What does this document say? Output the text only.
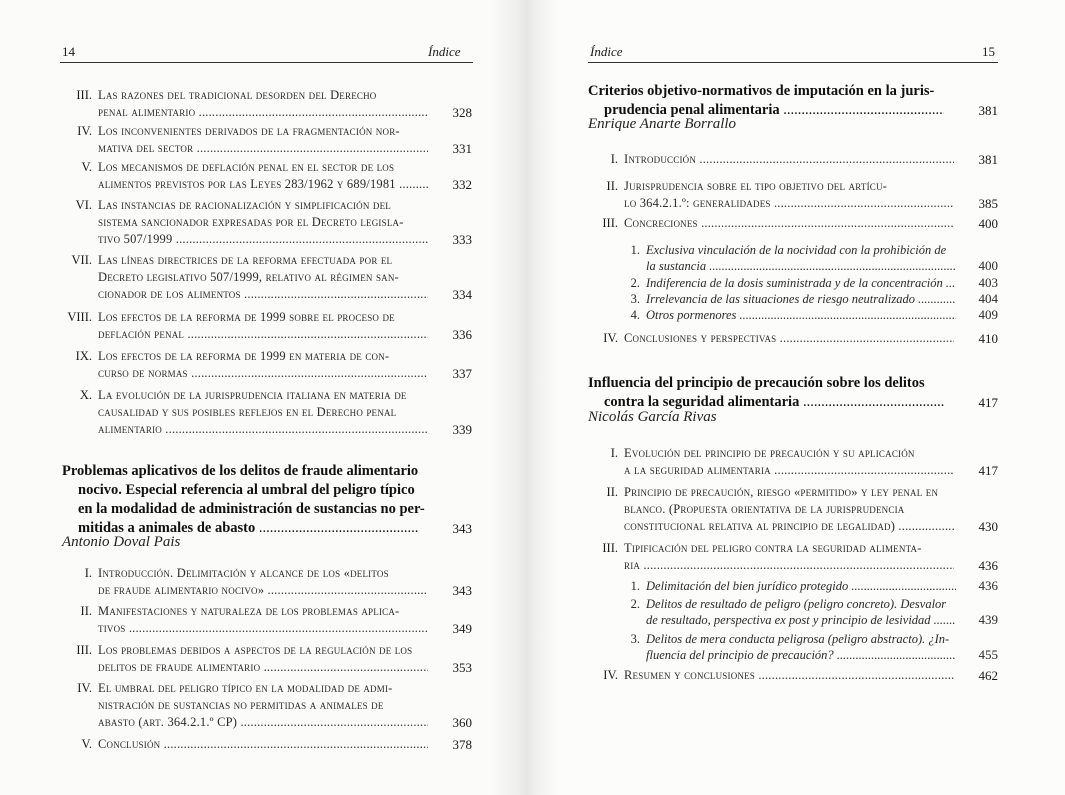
14	Índice
III. Las razones del tradicional desorden del Derecho
penal alimentario .....	328
IV. Los inconvenientes derivados de la fragmentación nor-
mativa del sector .....	331
V. Los mecanismos de deflación penal en el sector de los
alimentos previstos por las Leyes 283/1962 y 689/1981 .....	332
VI. Las instancias de racionalización y simplificación del
sistema sancionador expresadas por el Decreto legisla-
tivo 507/1999 .....	333
VII. Las líneas directrices de la reforma efectuada por el
Decreto legislativo 507/1999, relativo al régimen san-
cionador de los alimentos .....	334
VIII. Los efectos de la reforma de 1999 sobre el proceso de
deflación penal .....	336
IX. Los efectos de la reforma de 1999 en materia de con-
curso de normas .....	337
X. La evolución de la jurisprudencia italiana en materia de
causalidad y sus posibles reflejos en el Derecho penal
alimentario .....	339
Problemas aplicativos de los delitos de fraude alimentario
nocivo. Especial referencia al umbral del peligro típico
en la modalidad de administración de sustancias no per-
mitidas a animales de abasto .....	343
Antonio Doval Pais
I. Introducción. Delimitación y alcance de los «delitos
de fraude alimentario nocivo» .....	343
II. Manifestaciones y naturaleza de los problemas aplica-
tivos .....	349
III. Los problemas debidos a aspectos de la regulación de los
delitos de fraude alimentario .....	353
IV. El umbral del peligro típico en la modalidad de admi-
nistración de sustancias no permitidas a animales de
abasto (art. 364.2.1.º CP) .....	360
V. Conclusión .....	378
Índice	15
Criterios objetivo-normativos de imputación en la juris-
prudencia penal alimentaria .....	381
Enrique Anarte Borrallo
I. Introducción .....	381
II. Jurisprudencia sobre el tipo objetivo del artícu-
lo 364.2.1.º: generalidades .....	385
III. Concreciones .....	400
1. Exclusiva vinculación de la nocividad con la prohibición de
la sustancia .....	400
2. Indiferencia de la dosis suministrada y de la concentración .....	403
3. Irrelevancia de las situaciones de riesgo neutralizado .....	404
4. Otros pormenores .....	409
IV. Conclusiones y perspectivas .....	410
Influencia del principio de precaución sobre los delitos
contra la seguridad alimentaria .....	417
Nicolás García Rivas
I. Evolución del principio de precaución y su aplicación
a la seguridad alimentaria .....	417
II. Principio de precaución, riesgo «permitido» y ley penal en
blanco. (Propuesta orientativa de la jurisprudencia
constitucional relativa al principio de legalidad) .....	430
III. Tipificación del peligro contra la seguridad alimenta-
ria .....	436
1. Delimitación del bien jurídico protegido .....	436
2. Delitos de resultado de peligro (peligro concreto). Desvalor
de resultado, perspectiva ex post y principio de lesividad .....	439
3. Delitos de mera conducta peligrosa (peligro abstracto). ¿In-
fluencia del principio de precaución? .....	455
IV. Resumen y conclusiones .....	462
